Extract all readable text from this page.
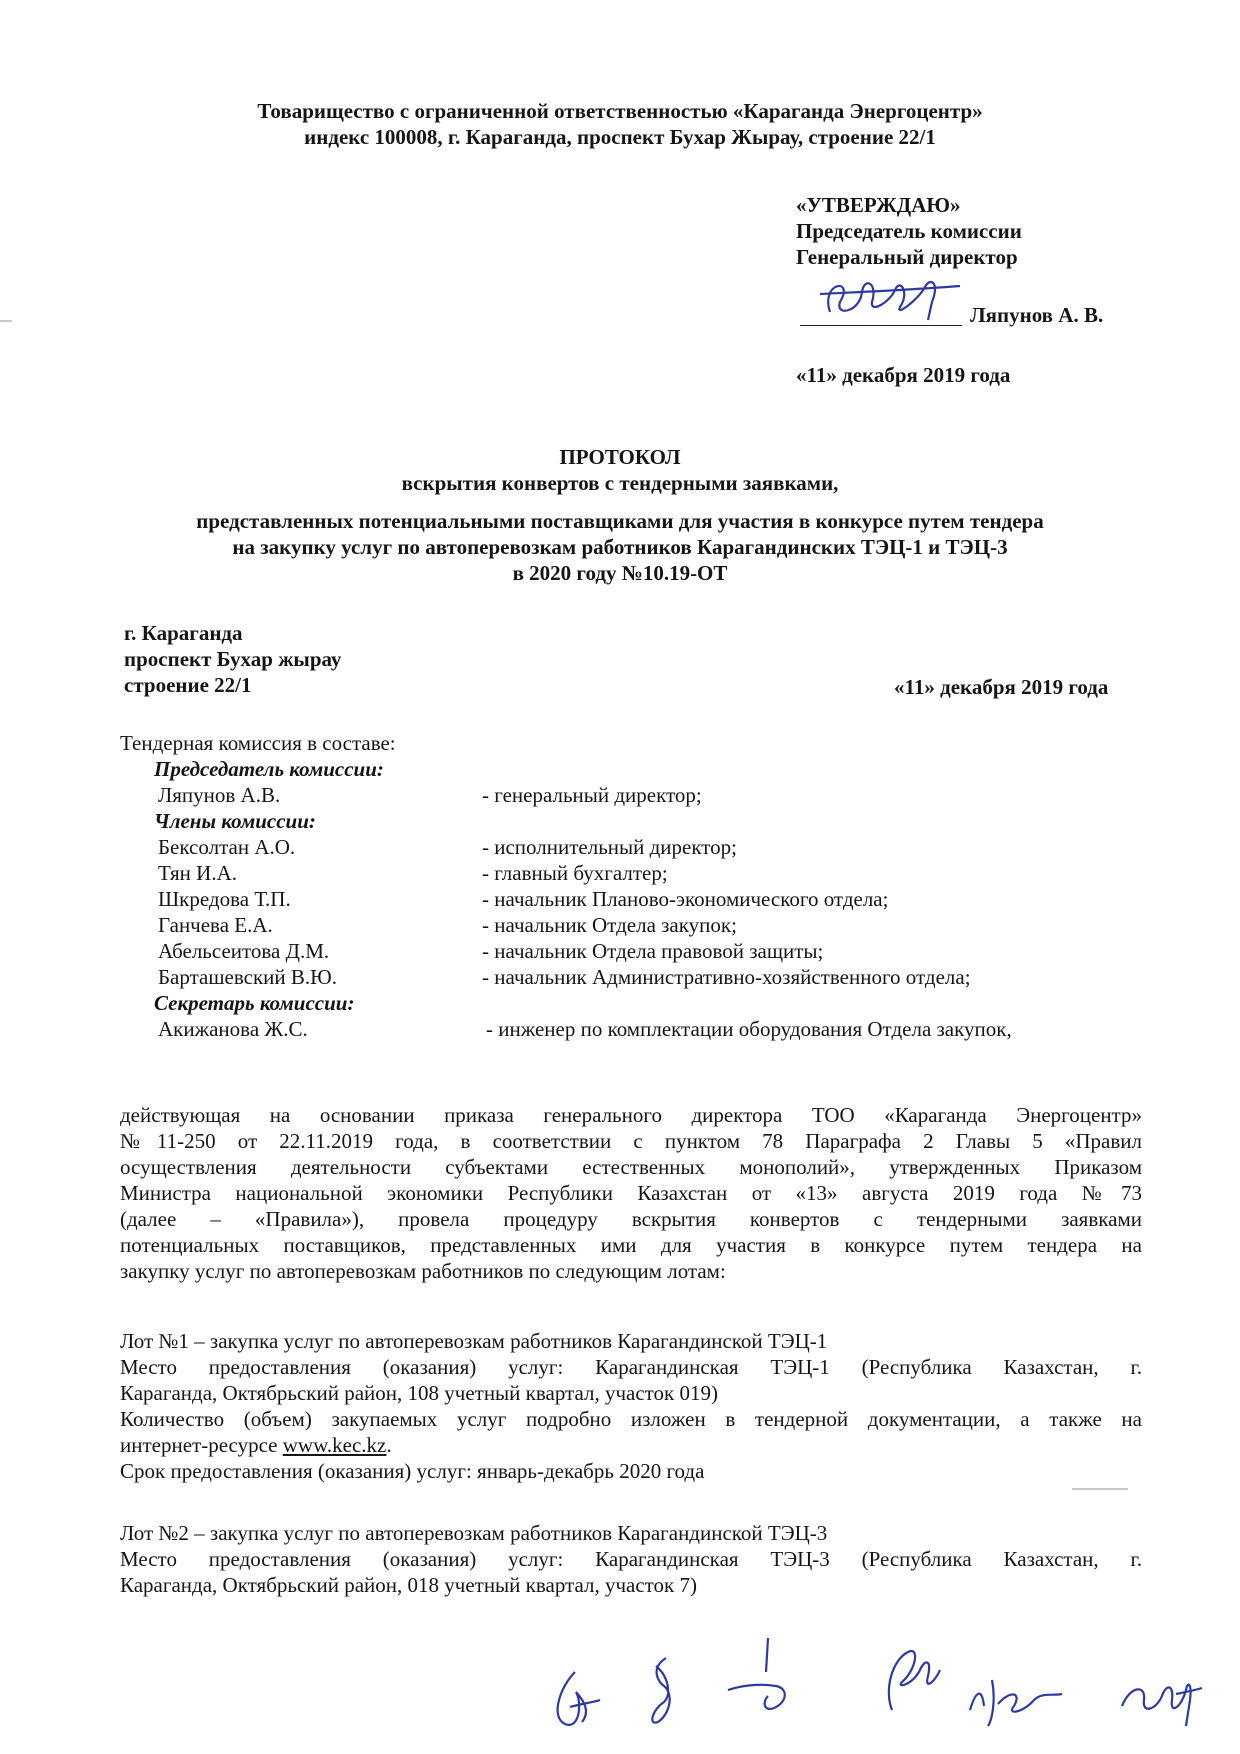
Товарищество с ограниченной ответственностью «Караганда Энергоцентр»
индекс 100008, г. Караганда, проспект Бухар Жырау, строение 22/1
«УТВЕРЖДАЮ»
Председатель комиссии
Генеральный директор
Ляпунов А. В.
«11» декабря 2019 года
ПРОТОКОЛ
вскрытия конвертов с тендерными заявками,
представленных потенциальными поставщиками для участия в конкурсе путем тендера
на закупку услуг по автоперевозкам работников Карагандинских ТЭЦ-1 и ТЭЦ-3
в 2020 году №10.19-ОТ
г. Караганда
проспект Бухар жырау
строение 22/1	«11» декабря 2019 года
Тендерная комиссия в составе:
Председатель комиссии:
Ляпунов А.В.	- генеральный директор;
Члены комиссии:
Бексолтан А.О.	- исполнительный директор;
Тян И.А.	- главный бухгалтер;
Шкредова Т.П.	- начальник Планово-экономического отдела;
Ганчева Е.А.	- начальник Отдела закупок;
Абельсеитова Д.М.	- начальник Отдела правовой защиты;
Барташевский В.Ю.	- начальник Административно-хозяйственного отдела;
Секретарь комиссии:
Акижанова Ж.С.	- инженер по комплектации оборудования Отдела закупок,
действующая на основании приказа генерального директора ТОО «Караганда Энергоцентр»
№11-250 от 22.11.2019 года, в соответствии с пунктом 78 Параграфа 2 Главы 5 «Правил
осуществления деятельности субъектами естественных монополий», утвержденных Приказом
Министра национальной экономики Республики Казахстан от «13» августа 2019 года №73
(далее – «Правила»), провела процедуру вскрытия конвертов с тендерными заявками
потенциальных поставщиков, представленных ими для участия в конкурсе путем тендера на
закупку услуг по автоперевозкам работников по следующим лотам:
Лот №1 – закупка услуг по автоперевозкам работников Карагандинской ТЭЦ-1
Место предоставления (оказания) услуг: Карагандинская ТЭЦ-1 (Республика Казахстан, г.
Караганда, Октябрьский район, 108 учетный квартал, участок 019)
Количество (объем) закупаемых услуг подробно изложен в тендерной документации, а также на
интернет-ресурсе www.kec.kz.
Срок предоставления (оказания) услуг: январь-декабрь 2020 года
Лот №2 – закупка услуг по автоперевозкам работников Карагандинской ТЭЦ-3
Место предоставления (оказания) услуг: Карагандинская ТЭЦ-3 (Республика Казахстан, г.
Караганда, Октябрьский район, 018 учетный квартал, участок 7)
